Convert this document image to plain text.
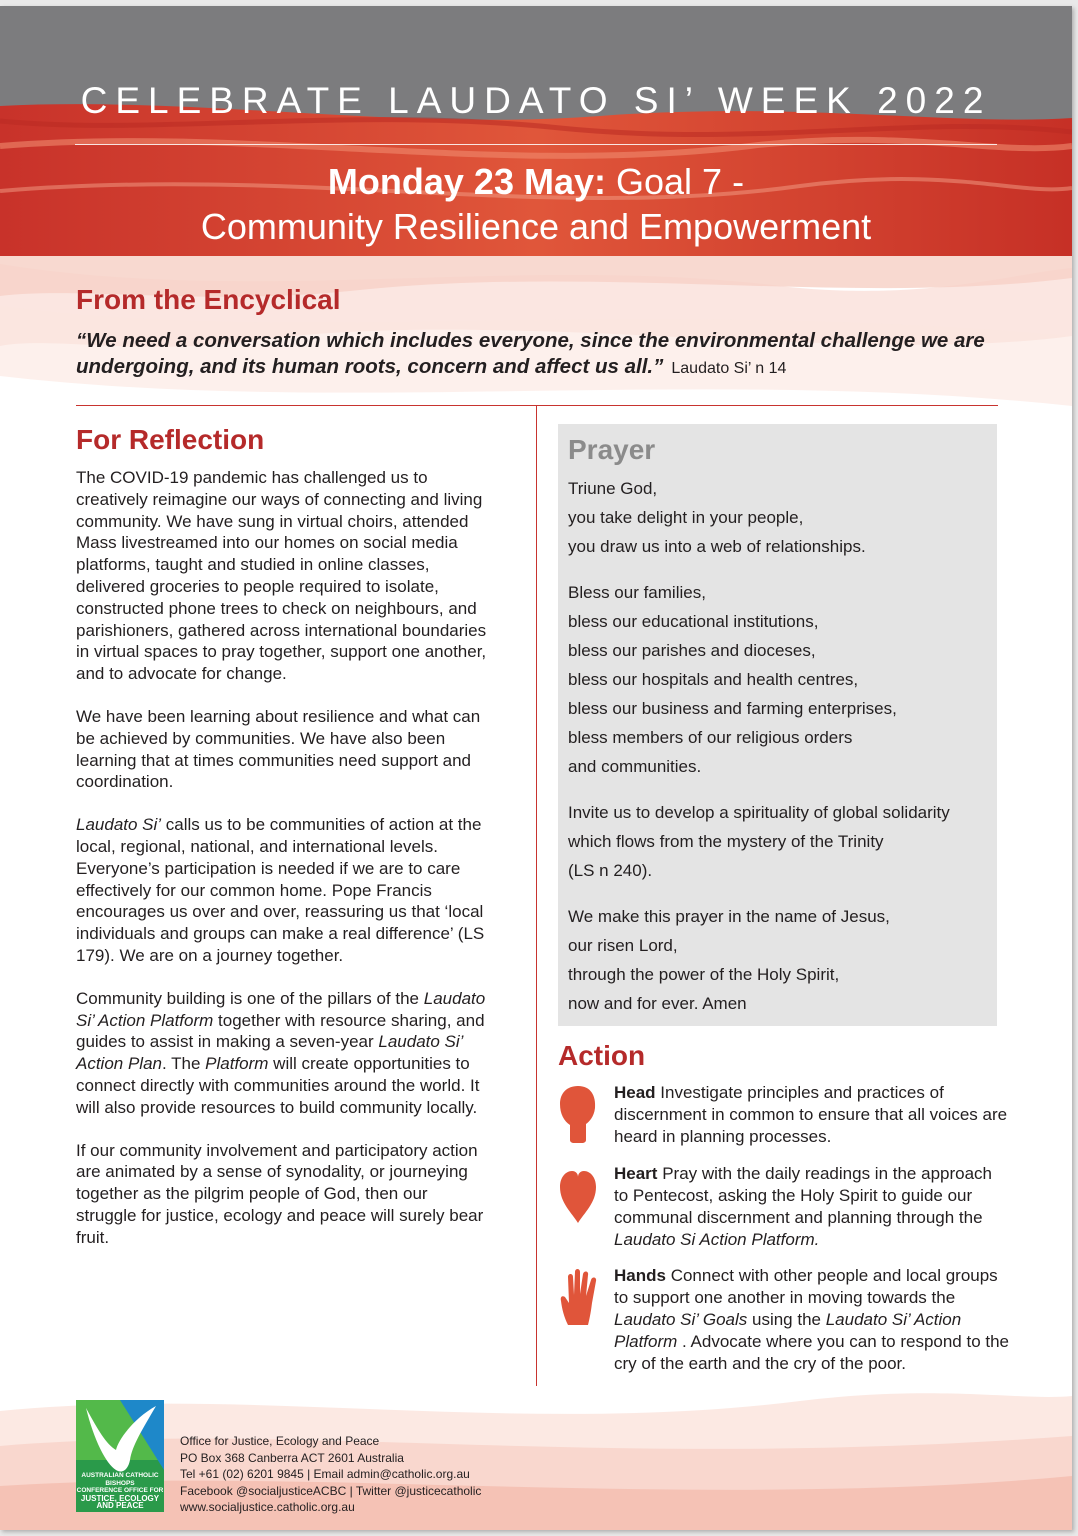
CELEBRATE LAUDATO SI’ WEEK 2022
Monday 23 May: Goal 7 -
Community Resilience and Empowerment
From the Encyclical
“We need a conversation which includes everyone, since the environmental challenge we are undergoing, and its human roots, concern and affect us all.” Laudato Si’ n 14
For Reflection

The COVID-19 pandemic has challenged us to creatively reimagine our ways of connecting and living community. We have sung in virtual choirs, attended Mass livestreamed into our homes on social media platforms, taught and studied in online classes, delivered groceries to people required to isolate, constructed phone trees to check on neighbours, and parishioners, gathered across international boundaries in virtual spaces to pray together, support one another, and to advocate for change.

We have been learning about resilience and what can be achieved by communities. We have also been learning that at times communities need support and coordination.

Laudato Si’ calls us to be communities of action at the local, regional, national, and international levels. Everyone’s participation is needed if we are to care effectively for our common home. Pope Francis encourages us over and over, reassuring us that ‘local individuals and groups can make a real difference’ (LS 179). We are on a journey together.

Community building is one of the pillars of the Laudato Si’ Action Platform together with resource sharing, and guides to assist in making a seven-year Laudato Si’ Action Plan. The Platform will create opportunities to connect directly with communities around the world. It will also provide resources to build community locally.

If our community involvement and participatory action are animated by a sense of synodality, or journeying together as the pilgrim people of God, then our struggle for justice, ecology and peace will surely bear fruit.

Prayer
Triune God,
you take delight in your people,
you draw us into a web of relationships.
Bless our families,
bless our educational institutions,
bless our parishes and dioceses,
bless our hospitals and health centres,
bless our business and farming enterprises,
bless members of our religious orders
and communities.
Invite us to develop a spirituality of global solidarity
which flows from the mystery of the Trinity
(LS n 240).
We make this prayer in the name of Jesus,
our risen Lord,
through the power of the Holy Spirit,
now and for ever. Amen
Action
Head Investigate principles and practices of discernment in common to ensure that all voices are heard in planning processes.
Heart Pray with the daily readings in the approach to Pentecost, asking the Holy Spirit to guide our communal discernment and planning through the Laudato Si Action Platform.
Hands Connect with other people and local groups to support one another in moving towards the Laudato Si’ Goals using the Laudato Si’ Action Platform . Advocate where you can to respond to the cry of the earth and the cry of the poor.
AUSTRALIAN CATHOLIC BISHOPS
CONFERENCE OFFICE FOR
JUSTICE, ECOLOGY
AND PEACE
Office for Justice, Ecology and Peace
PO Box 368 Canberra ACT 2601 Australia
Tel +61 (02) 6201 9845 | Email admin@catholic.org.au
Facebook @socialjusticeACBC | Twitter @justicecatholic
www.socialjustice.catholic.org.au
